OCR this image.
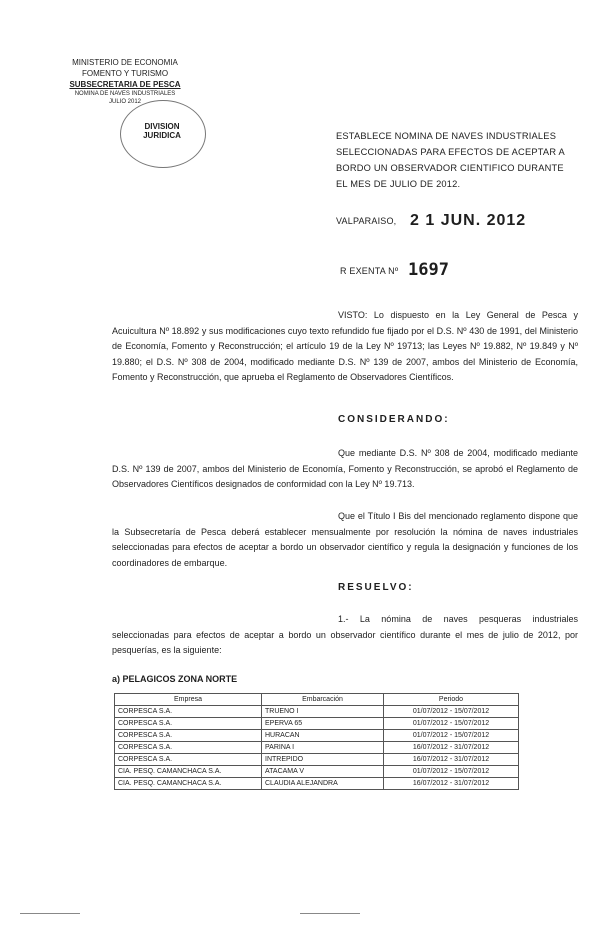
MINISTERIO DE ECONOMIA
FOMENTO Y TURISMO
SUBSECRETARIA DE PESCA
NOMINA DE NAVES INDUSTRIALES
JULIO 2012
DIVISION
JURIDICA	ESTABLECE NOMINA DE NAVES INDUSTRIALES SELECCIONADAS PARA EFECTOS DE ACEPTAR A BORDO UN OBSERVADOR CIENTIFICO DURANTE EL MES DE JULIO DE 2012.
VALPARAISO, 2 1 JUN. 2012
R EXENTA Nº 1697
VISTO: Lo dispuesto en la Ley General de Pesca y Acuicultura Nº 18.892 y sus modificaciones cuyo texto refundido fue fijado por el D.S. Nº 430 de 1991, del Ministerio de Economía, Fomento y Reconstrucción; el artículo 19 de la Ley Nº 19713; las Leyes Nº 19.882, Nº 19.849 y Nº 19.880; el D.S. Nº 308 de 2004, modificado mediante D.S. Nº 139 de 2007, ambos del Ministerio de Economía, Fomento y Reconstrucción, que aprueba el Reglamento de Observadores Científicos.
CONSIDERANDO:
Que mediante D.S. Nº 308 de 2004, modificado mediante D.S. Nº 139 de 2007, ambos del Ministerio de Economía, Fomento y Reconstrucción, se aprobó el Reglamento de Observadores Científicos designados de conformidad con la Ley Nº 19.713.
Que el Título I Bis del mencionado reglamento dispone que la Subsecretaría de Pesca deberá establecer mensualmente por resolución la nómina de naves industriales seleccionadas para efectos de aceptar a bordo un observador científico y regula la designación y funciones de los coordinadores de embarque.
RESUELVO:
1.- La nómina de naves pesqueras industriales seleccionadas para efectos de aceptar a bordo un observador científico durante el mes de julio de 2012, por pesquerías, es la siguiente:
a) PELAGICOS ZONA NORTE
Empresa	Embarcación	Periodo
CORPESCA S.A.	TRUENO I	01/07/2012 - 15/07/2012
CORPESCA S.A.	EPERVA 65	01/07/2012 - 15/07/2012
CORPESCA S.A.	HURACAN	01/07/2012 - 15/07/2012
CORPESCA S.A.	PARINA I	16/07/2012 - 31/07/2012
CORPESCA S.A.	INTREPIDO	16/07/2012 - 31/07/2012
CIA. PESQ. CAMANCHACA S.A.	ATACAMA V	01/07/2012 - 15/07/2012
CIA. PESQ. CAMANCHACA S.A.	CLAUDIA ALEJANDRA	16/07/2012 - 31/07/2012
